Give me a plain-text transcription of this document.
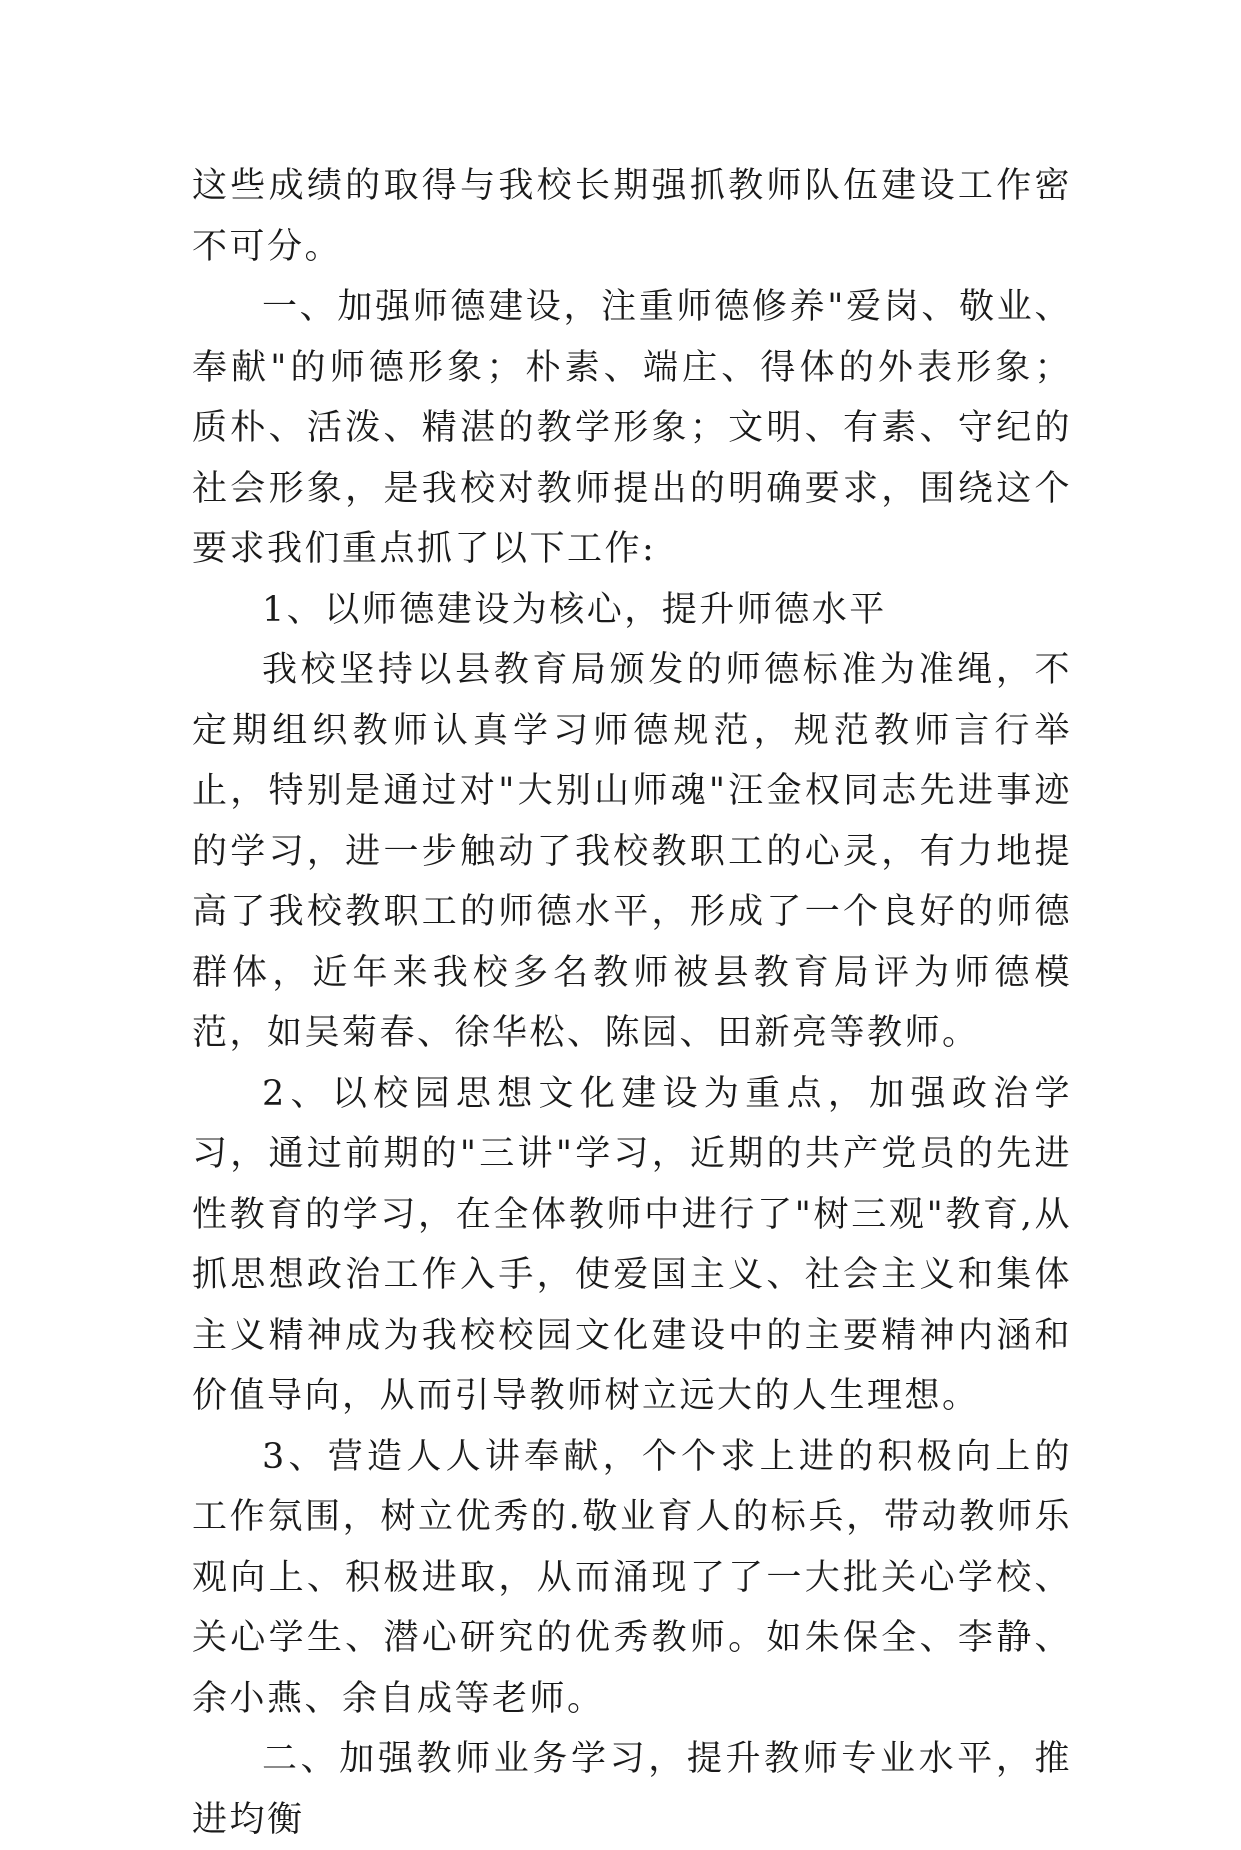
这些成绩的取得与我校长期强抓教师队伍建设工作密不可分。

一、加强师德建设，注重师德修养"爱岗、敬业、奉献"的师德形象；朴素、端庄、得体的外表形象；质朴、活泼、精湛的教学形象；文明、有素、守纪的社会形象，是我校对教师提出的明确要求，围绕这个要求我们重点抓了以下工作:

1、以师德建设为核心，提升师德水平

我校坚持以县教育局颁发的师德标准为准绳，不定期组织教师认真学习师德规范，规范教师言行举止，特别是通过对"大别山师魂"汪金权同志先进事迹的学习，进一步触动了我校教职工的心灵，有力地提高了我校教职工的师德水平，形成了一个良好的师德群体，近年来我校多名教师被县教育局评为师德模范，如吴菊春、徐华松、陈园、田新亮等教师。

2、以校园思想文化建设为重点，加强政治学习，通过前期的"三讲"学习，近期的共产党员的先进性教育的学习，在全体教师中进行了"树三观"教育,从抓思想政治工作入手，使爱国主义、社会主义和集体主义精神成为我校校园文化建设中的主要精神内涵和价值导向，从而引导教师树立远大的人生理想。

3、营造人人讲奉献，个个求上进的积极向上的工作氛围，树立优秀的.敬业育人的标兵，带动教师乐观向上、积极进取，从而涌现了了一大批关心学校、关心学生、潜心研究的优秀教师。如朱保全、李静、余小燕、余自成等老师。

二、加强教师业务学习，提升教师专业水平，推进均衡
